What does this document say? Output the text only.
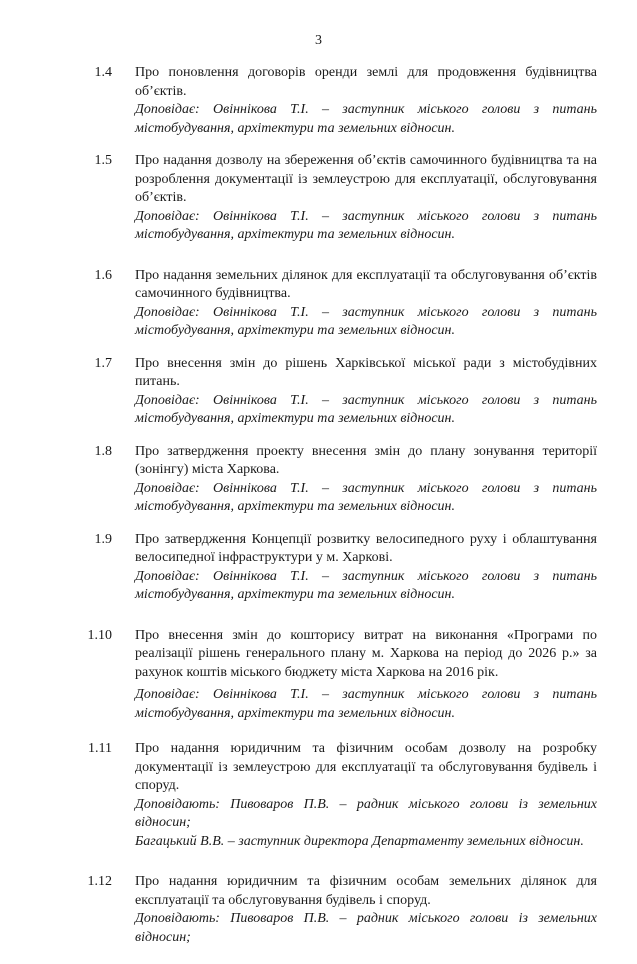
3
1.4 Про поновлення договорів оренди землі для продовження будівництва об’єктів.

Доповідає: Овіннікова Т.І. – заступник міського голови з питань містобудування, архітектури та земельних відносин.

1.5 Про надання дозволу на збереження об’єктів самочинного будівництва та на розроблення документації із землеустрою для експлуатації, обслуговування об’єктів.

Доповідає: Овіннікова Т.І. – заступник міського голови з питань містобудування, архітектури та земельних відносин.

1.6 Про надання земельних ділянок для експлуатації та обслуговування об’єктів самочинного будівництва.

Доповідає: Овіннікова Т.І. – заступник міського голови з питань містобудування, архітектури та земельних відносин.

1.7 Про внесення змін до рішень Харківської міської ради з містобудівних питань.

Доповідає: Овіннікова Т.І. – заступник міського голови з питань містобудування, архітектури та земельних відносин.

1.8 Про затвердження проекту внесення змін до плану зонування території (зонінгу) міста Харкова.

Доповідає: Овіннікова Т.І. – заступник міського голови з питань містобудування, архітектури та земельних відносин.

1.9 Про затвердження Концепції розвитку велосипедного руху і облаштування велосипедної інфраструктури у м. Харкові.

Доповідає: Овіннікова Т.І. – заступник міського голови з питань містобудування, архітектури та земельних відносин.

1.10 Про внесення змін до кошторису витрат на виконання «Програми по реалізації рішень генерального плану м. Харкова на період до 2026 р.» за рахунок коштів міського бюджету міста Харкова на 2016 рік.

Доповідає: Овіннікова Т.І. – заступник міського голови з питань містобудування, архітектури та земельних відносин.

1.11 Про надання юридичним та фізичним особам дозволу на розробку документації із землеустрою для експлуатації та обслуговування будівель і споруд.

Доповідають: Пивоваров П.В. – радник міського голови із земельних відносин;

Багацький В.В. – заступник директора Департаменту земельних відносин.

1.12 Про надання юридичним та фізичним особам земельних ділянок для експлуатації та обслуговування будівель і споруд.

Доповідають: Пивоваров П.В. – радник міського голови із земельних відносин;
